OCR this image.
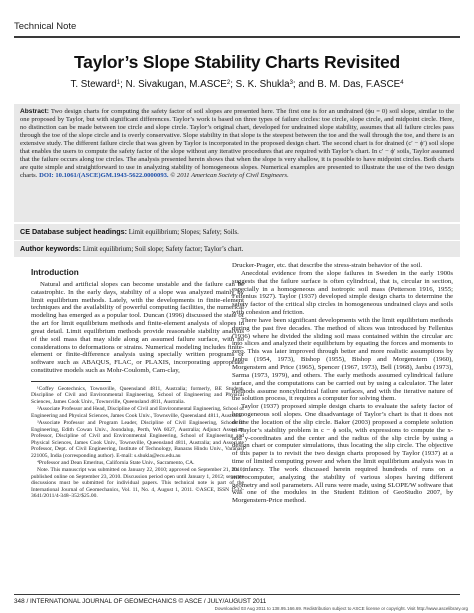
Technical Note
Taylor’s Slope Stability Charts Revisited
T. Steward$^1$; N. Sivakugan, M.ASCE$^2$; S. K. Shukla$^3$; and B. M. Das, F.ASCE$^4$
Abstract: Two design charts for computing the safety factor of soil slopes are presented here. The first one is for an undrained (ϕu = 0) soil slope, similar to the one proposed by Taylor, but with significant differences. Taylor’s work is based on three types of failure circles: toe circle, slope circle, and midpoint circle. Here, no distinction can be made between toe circle and slope circle. Taylor’s original chart, developed for undrained slope stability, assumes that all failure circles pass through the toe of the slope circle and is overly conservative. Slope stability in that slope is the steepest between the toe and the wall through the toe, and there is an extensive study. The different failure circle that was given by Taylor is incorporated in the proposed design chart. The second chart is for drained (c′ − ϕ′) soil slope that enables the users to compute the safety factor of the slope without any iterative procedures that are required with Taylor’s chart. In c′ − ϕ′ soils, Taylor assumed that the failure occurs along toe circles. The analysis presented herein shows that when the slope is very shallow, it is possible to have midpoint circles. Both charts are quite simple and straightforward to use in analyzing stability of homogeneous slopes. Numerical examples are presented to illustrate the use of the two design charts. DOI: 10.1061/(ASCE)GM.1943-5622.0000093. © 2011 American Society of Civil Engineers.
CE Database subject headings: Limit equilibrium; Slopes; Safety; Soils.
Author keywords: Limit equilibrium; Soil slope; Safety factor; Taylor’s chart.
Introduction

Natural and artificial slopes can become unstable and the failure can be catastrophic. In the early days, stability of a slope was analyzed mainly by limit equilibrium methods. Lately, with the developments in finite-element techniques and the availability of powerful computing facilities, the numerical modeling has emerged as a popular tool. Duncan (1996) discussed the state of the art for limit equilibrium methods and finite-element analysis of slopes in great detail. Limit equilibrium methods provide reasonable stability analysis of the soil mass that may slide along an assumed failure surface, with no considerations to deformations or strains. Numerical modeling includes finite-element or finite-difference analysis using specially written programs or software such as ABAQUS, FLAC, or PLAXIS, incorporating appropriate constitutive models such as Mohr-Coulomb, Cam-clay,

¹Coffey Geotechnics, Townsville, Queensland 4811, Australia; formerly, BE Student, Discipline of Civil and Environmental Engineering, School of Engineering and Physical Sciences, James Cook Univ., Townsville, Queensland 4811, Australia.

²Associate Professor and Head, Discipline of Civil and Environmental Engineering, School of Engineering and Physical Sciences, James Cook Univ., Townsville, Queensland 4811, Australia.

³Associate Professor and Program Leader, Discipline of Civil Engineering, School of Engineering, Edith Cowan Univ., Joondalup, Perth, WA 6027, Australia; Adjunct Associate Professor, Discipline of Civil and Environmental Engineering, School of Engineering and Physical Sciences, James Cook Univ., Townsville, Queensland 4811, Australia; and Associate Professor, Dept. of Civil Engineering, Institute of Technology, Banaras Hindu Univ., Varanasi 221005, India (corresponding author). E-mail: s.shukla@ecu.edu.au

⁴Professor and Dean Emeritus, California State Univ., Sacramento, CA.

Note. This manuscript was submitted on January 22, 2010; approved on September 21, 2010; published online on September 23, 2010. Discussion period open until January 1, 2012; separate discussions must be submitted for individual papers. This technical note is part of the International Journal of Geomechanics, Vol. 11, No. 4, August 1, 2011. ©ASCE, ISSN 1532-3641/2011/4-348–352/$25.00.

Drucker-Prager, etc. that describe the stress-strain behavior of the soil.

Anecdotal evidence from the slope failures in Sweden in the early 1900s suggests that the failure surface is often cylindrical, that is, circular in section, especially in a homogeneous and isotropic soil mass (Petterson 1916, 1955; Fellenius 1927). Taylor (1937) developed simple design charts to determine the safety factor of the critical slip circles in homogeneous undrained clays and soils with cohesion and friction.

There have been significant developments with the limit equilibrium methods during the past five decades. The method of slices was introduced by Fellenius (1936) where he divided the sliding soil mass contained within the circular arc into slices and analyzed their equilibrium by equating the forces and moments to zero. This was later improved through better and more realistic assumptions by Janbu (1954, 1973), Bishop (1955), Bishop and Morgenstern (1960), Morgenstern and Price (1965), Spencer (1967, 1973), Bell (1968), Janbu (1973), Sarma (1973, 1979), and others. The early methods assumed cylindrical failure surface, and the computations can be carried out by using a calculator. The later methods assume noncylindrical failure surfaces, and with the iterative nature of the solution process, it requires a computer for solving them.

Taylor (1937) proposed simple design charts to evaluate the safety factor of homogeneous soil slopes. One disadvantage of Taylor’s chart is that it does not define the location of the slip circle. Baker (2003) proposed a complete solution to Taylor’s stability problem in c − ϕ soils, with expressions to compute the x- and y-coordinates and the center and the radius of the slip circle by using a design chart or computer simulations, thus locating the slip circle. The objective of this paper is to revisit the two design charts proposed by Taylor (1937) at a time of limited computing power and when the limit equilibrium analysis was in its infancy. The work discussed herein required hundreds of runs on a microcomputer, analyzing the stability of various slopes having different geometry and soil parameters. All runs were made, using SLOPE/W software that was one of the modules in the Student Edition of GeoStudio 2007, by Morgenstern-Price method.

348 / INTERNATIONAL JOURNAL OF GEOMECHANICS © ASCE / JULY/AUGUST 2011
Downloaded 03 Aug 2011 to 138.95.166.69. Redistribution subject to ASCE license or copyright. Visit http://www.ascelibrary.org
